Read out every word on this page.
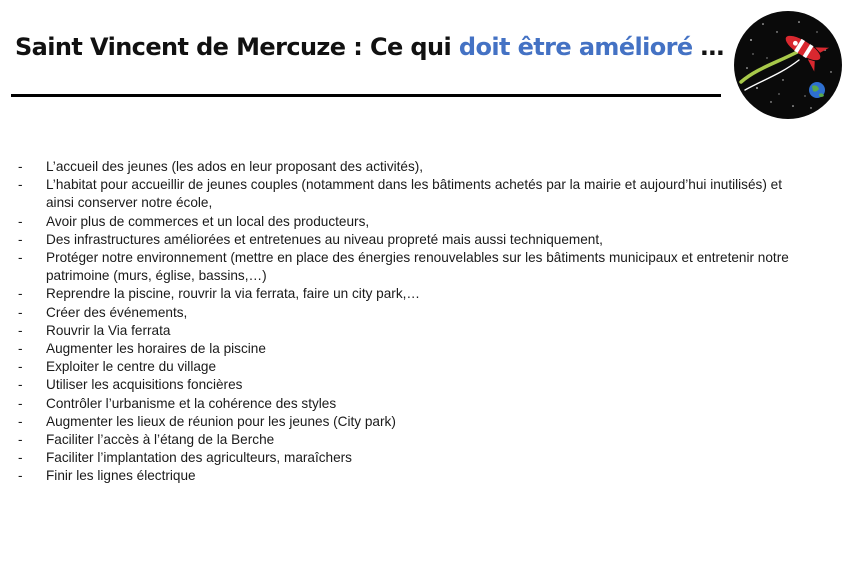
Saint Vincent de Mercuze : Ce qui doit être amélioré …
-	L’accueil des jeunes (les ados en leur proposant des activités),
-	L’habitat pour accueillir de jeunes couples (notamment dans les bâtiments achetés par la mairie et aujourd’hui inutilisés) et ainsi conserver notre école,
-	Avoir plus de commerces et un local des producteurs,
-	Des infrastructures améliorées et entretenues au niveau propreté mais aussi techniquement,
-	Protéger notre environnement (mettre en place des énergies renouvelables sur les bâtiments municipaux et entretenir notre patrimoine (murs, église, bassins,…)
-	Reprendre la piscine, rouvrir la via ferrata, faire un city park,…
-	Créer des événements,
-	Rouvrir la Via ferrata
-	Augmenter les horaires de la piscine
-	Exploiter le centre du village
-	Utiliser les acquisitions foncières
-	Contrôler l’urbanisme et la cohérence des styles
-	Augmenter les lieux de réunion pour les jeunes (City park)
-	Faciliter l’accès à l’étang de la Berche
-	Faciliter l’implantation des agriculteurs, maraîchers
-	Finir les lignes électrique
